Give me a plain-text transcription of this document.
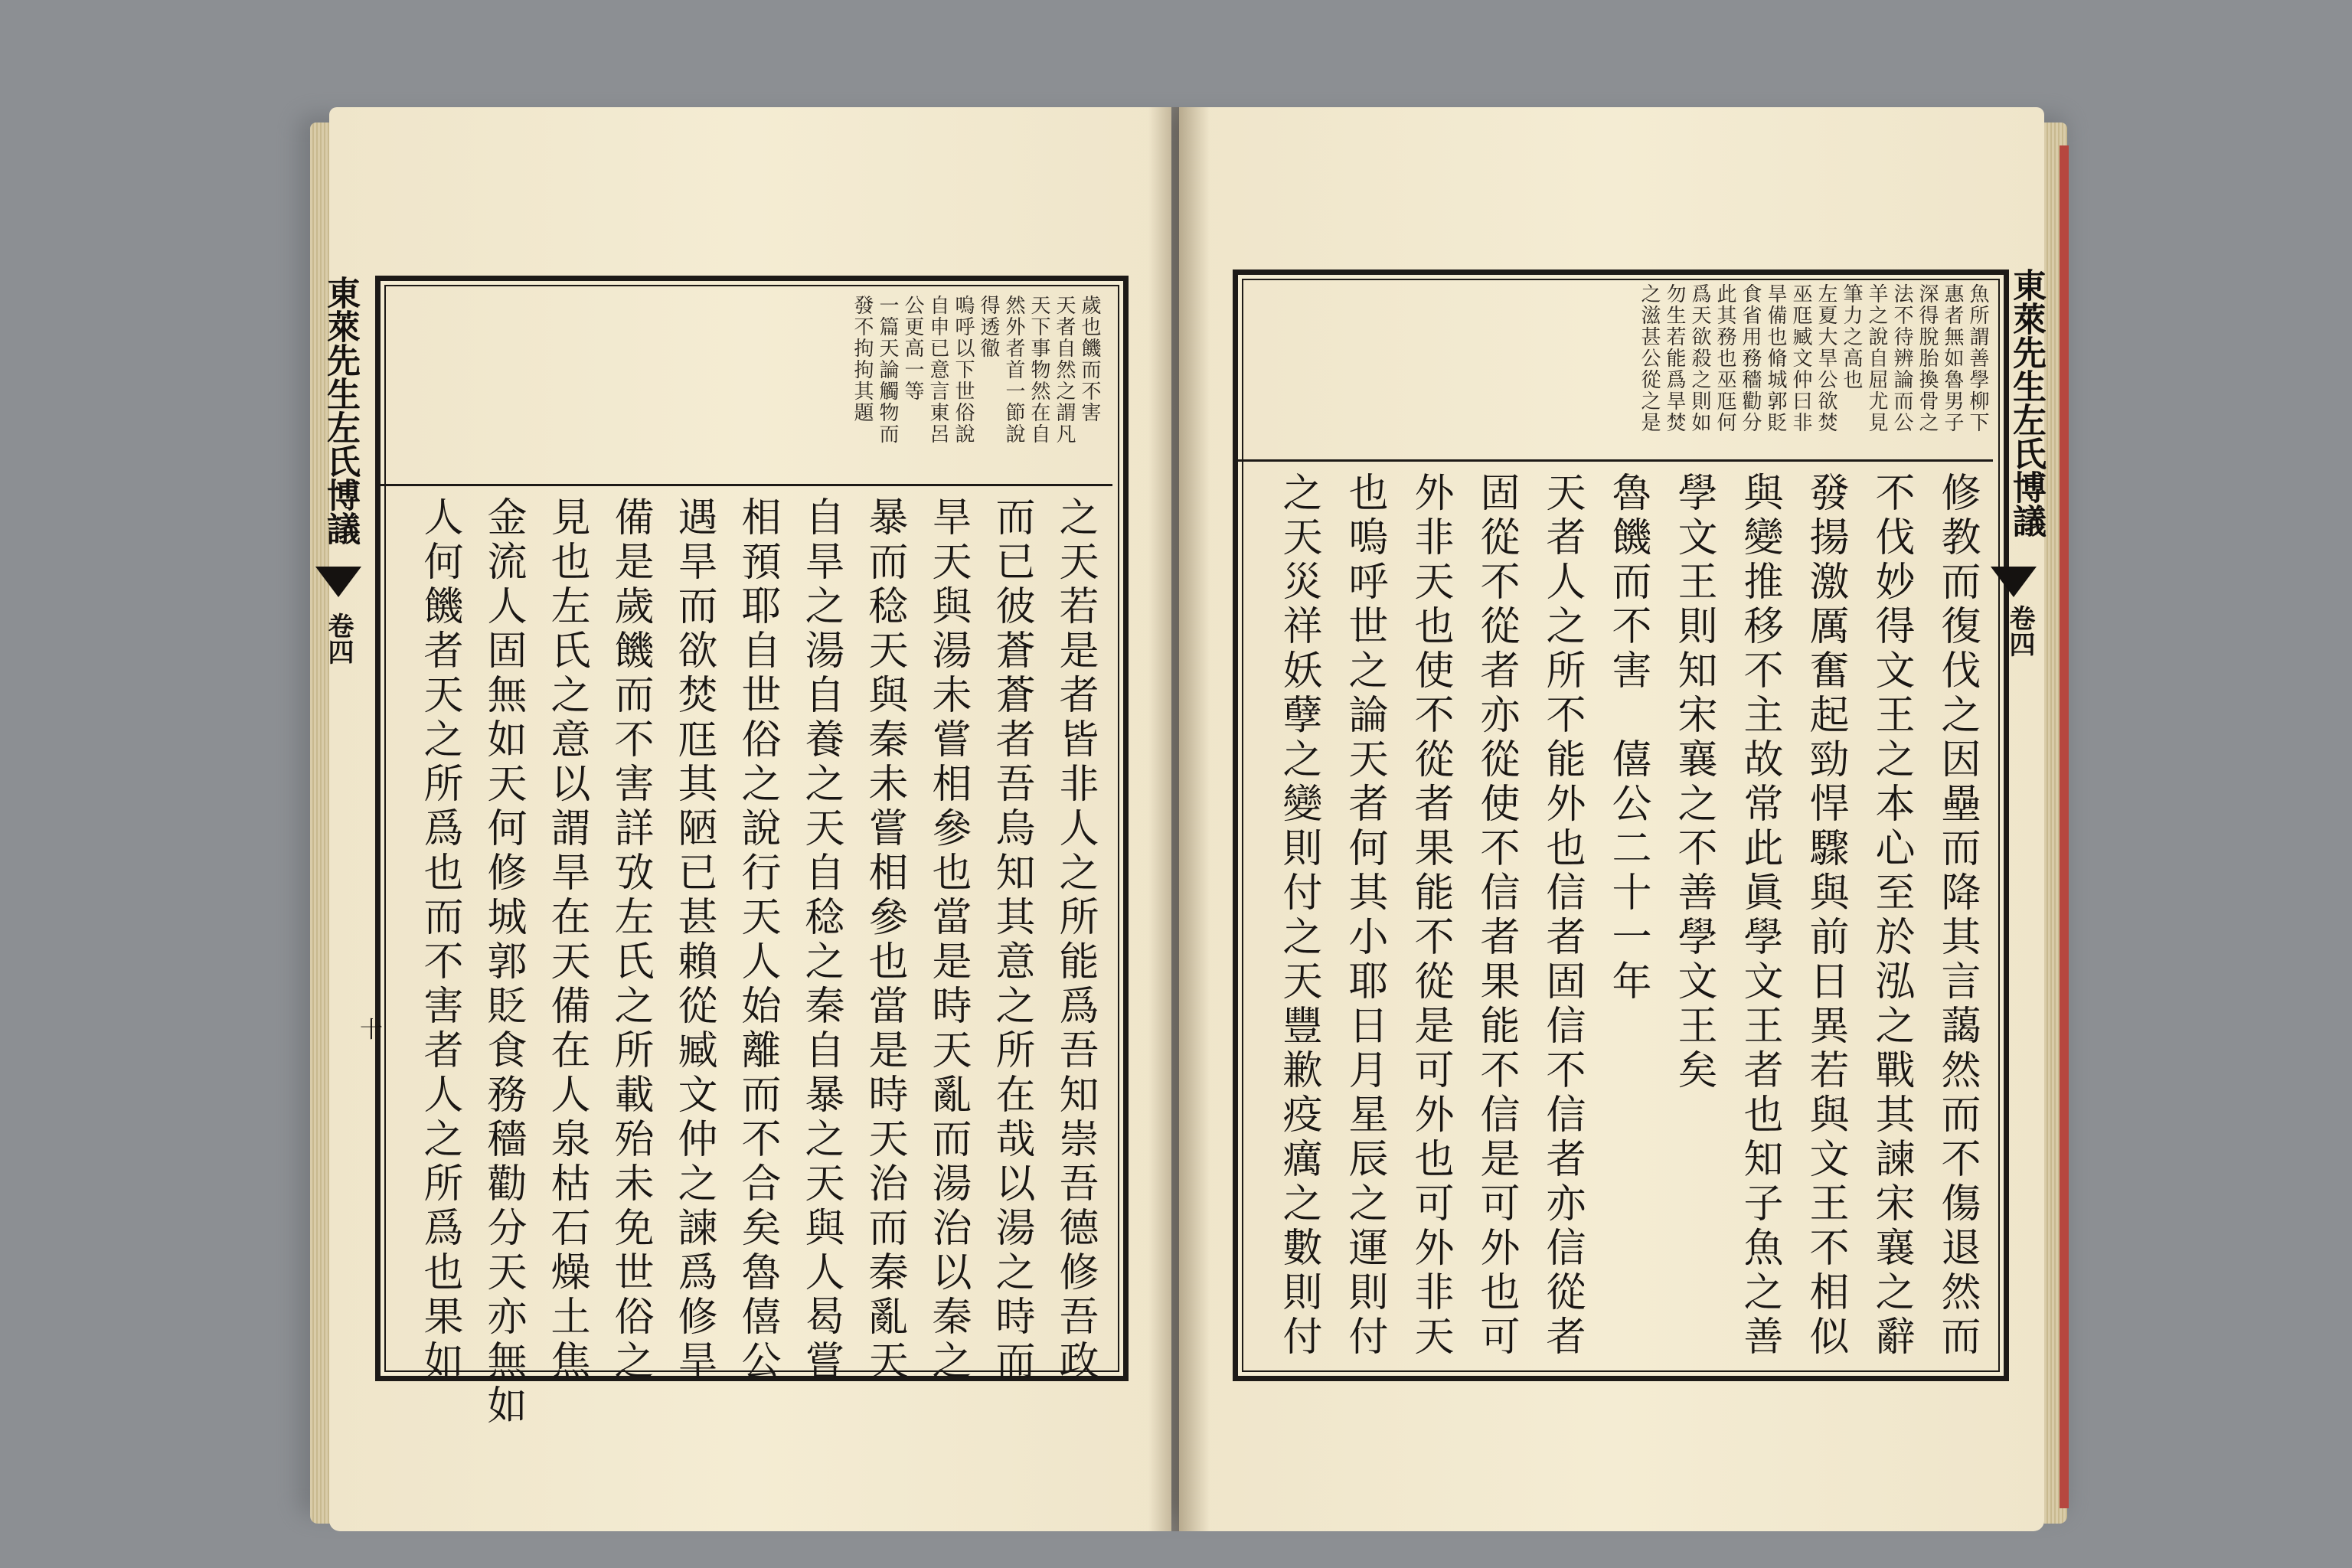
歲也饑而不害
天者自然之謂凡
天下事物然在自
然外者首一節說
得透徹
嗚呼以下世俗說
自申已意言東呂
公更高一等
一篇天論觸物而
發不拘拘其題
之天若是者皆非人之所能爲吾知崇吾德修吾政
而已彼蒼蒼者吾烏知其意之所在哉以湯之時而
旱天與湯未嘗相參也當是時天亂而湯治以秦之
暴而稔天與秦未嘗相參也當是時天治而秦亂天
自旱之湯自養之天自稔之秦自暴之天與人曷嘗
相預耶自世俗之說行天人始離而不合矣魯僖公
遇旱而欲焚尫其陋已甚賴從臧文仲之諫爲修旱
備是歲饑而不害詳攷左氏之所載殆未免世俗之
見也左氏之意以謂旱在天備在人泉枯石燥土焦
金流人固無如天何修城郭貶食務穡勸分天亦無如
人何饑者天之所爲也而不害者人之所爲也果如
東萊先生左氏博議
卷四
十
魚所謂善學柳下
惠者無如魯男子
深得脫胎換骨之
法不待辨論而公
羊之說自屈尤見
筆力之高也
左夏大旱公欲焚
巫尫臧文仲曰非
旱備也脩城郭貶
食省用務穡勸分
此其務也巫尫何
爲天欲殺之則如
勿生若能爲旱焚
之滋甚公從之是
修教而復伐之因壘而降其言藹然而不傷退然而
不伐妙得文王之本心至於泓之戰其諫宋襄之辭
發揚激厲奮起勁悍驟與前日異若與文王不相似
與變推移不主故常此眞學文王者也知子魚之善
學文王則知宋襄之不善學文王矣
魯饑而不害　僖公二十一年
天者人之所不能外也信者固信不信者亦信從者
固從不從者亦從使不信者果能不信是可外也可
外非天也使不從者果能不從是可外也可外非天
也嗚呼世之論天者何其小耶日月星辰之運則付
之天災祥妖孽之變則付之天豐歉疫癘之數則付
東萊先生左氏博議
卷四
